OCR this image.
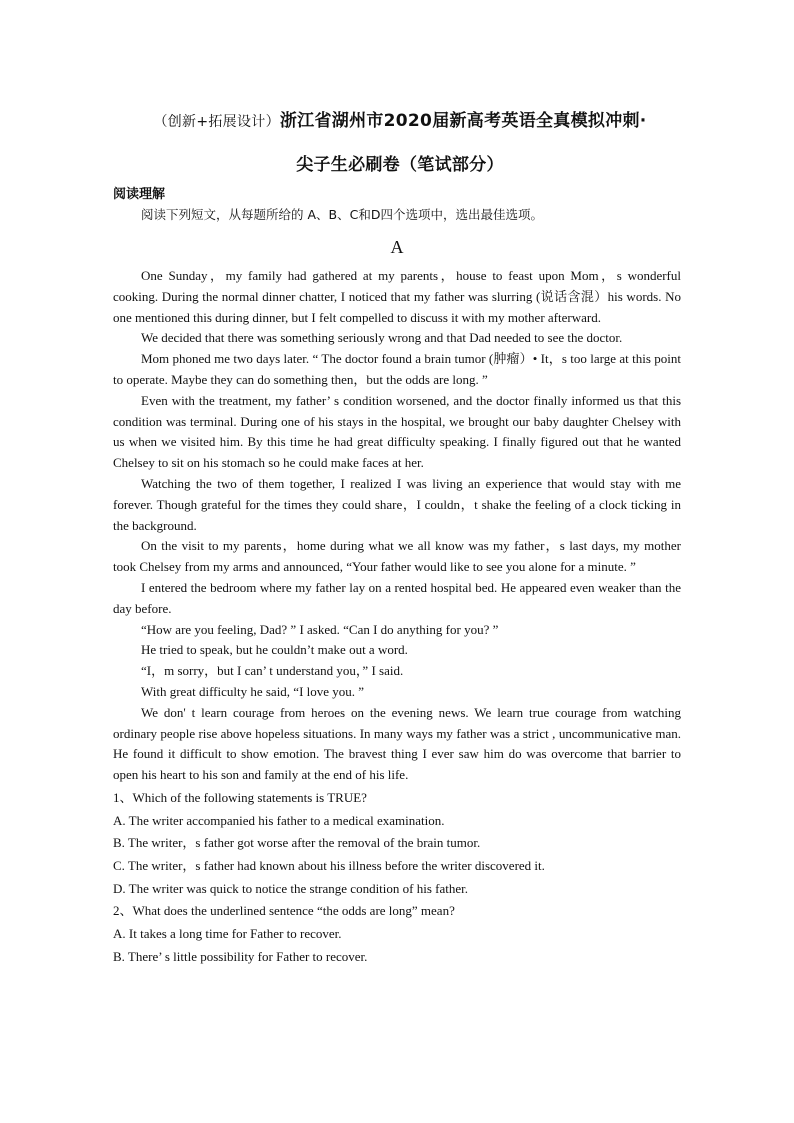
（创新+拓展设计）浙江省湖州市2020届新高考英语全真模拟冲刺·
尖子生必刷卷（笔试部分）
阅读理解
阅读下列短文，从每题所给的 A、B、C和D四个选项中，选出最佳选项。
A

One Sunday，my family had gathered at my parents，house to feast upon Mom，s wonderful cooking. During the normal dinner chatter, I noticed that my father was slurring (说话含混）his words. No one mentioned this during dinner, but I felt compelled to discuss it with my mother afterward.

We decided that there was something seriously wrong and that Dad needed to see the doctor.

Mom phoned me two days later. “ The doctor found a brain tumor (肿瘤）• It，s too large at this point to operate. Maybe they can do something then，but the odds are long. ”

Even with the treatment, my father’ s condition worsened, and the doctor finally informed us that this condition was terminal. During one of his stays in the hospital, we brought our baby daughter Chelsey with us when we visited him. By this time he had great difficulty speaking. I finally figured out that he wanted Chelsey to sit on his stomach so he could make faces at her.

Watching the two of them together, I realized I was living an experience that would stay with me forever. Though grateful for the times they could share，I couldn，t shake the feeling of a clock ticking in the background.

On the visit to my parents，home during what we all know was my father，s last days, my mother took Chelsey from my arms and announced, “Your father would like to see you alone for a minute. ”

I entered the bedroom where my father lay on a rented hospital bed. He appeared even weaker than the day before.

“How are you feeling, Dad? ” I asked. “Can I do anything for you? ”

He tried to speak, but he couldn’t make out a word.

“I，m sorry，but I can’ t understand you，” I said.

With great difficulty he said, “I love you. ”

We don' t learn courage from heroes on the evening news. We learn true courage from watching ordinary people rise above hopeless situations. In many ways my father was a strict , uncommunicative man. He found it difficult to show emotion. The bravest thing I ever saw him do was overcome that barrier to open his heart to his son and family at the end of his life.

1、Which of the following statements is TRUE?

A. The writer accompanied his father to a medical examination.

B. The writer，s father got worse after the removal of the brain tumor.

C. The writer，s father had known about his illness before the writer discovered it.

D. The writer was quick to notice the strange condition of his father.

2、What does the underlined sentence “the odds are long” mean?

A. It takes a long time for Father to recover.

B. There’ s little possibility for Father to recover.
